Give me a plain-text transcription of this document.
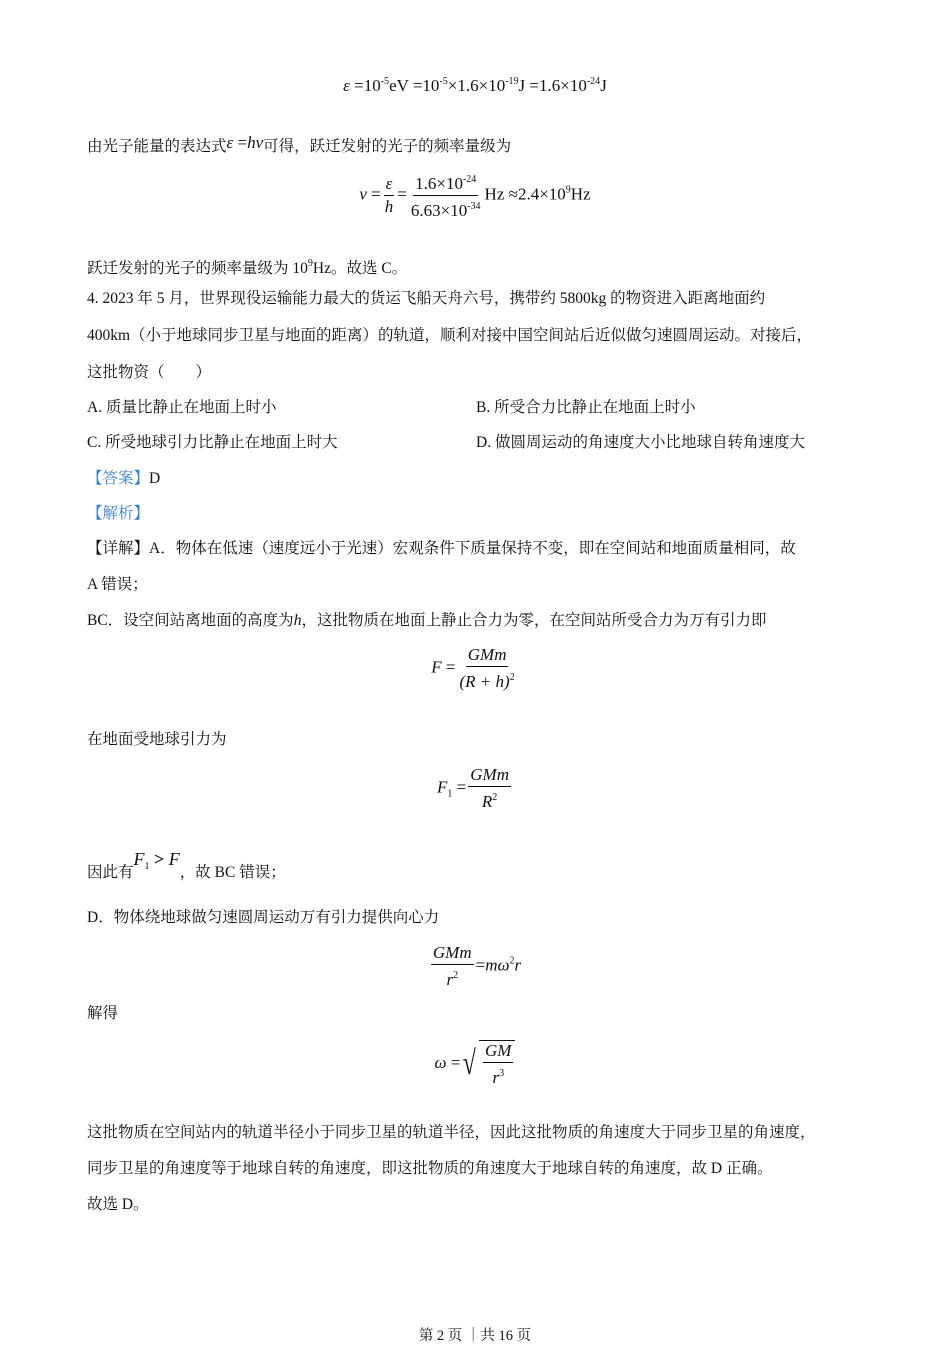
$\varepsilon =10^{-5}eV =10^{-5}\times 1.6\times 10^{-19}J =1.6\times 10^{-24}J$
由光子能量的表达式ε =hν可得，跃迁发射的光子的频率量级为
$\nu = \frac{\varepsilon}{h} = \frac{1.6\times 10^{-24}}{6.63\times 10^{-34}}$ $Hz \approx 2.4\times 10^9Hz$
跃迁发射的光子的频率量级为 $10^9Hz$。故选 C。
4. 2023 年 5 月，世界现役运输能力最大的货运飞船天舟六号，携带约 5800kg 的物资进入距离地面约
400km（小于地球同步卫星与地面的距离）的轨道，顺利对接中国空间站后近似做匀速圆周运动。对接后，
这批物资（　　）
A. 质量比静止在地面上时小	B. 所受合力比静止在地面上时小
C. 所受地球引力比静止在地面上时大	D. 做圆周运动的角速度大小比地球自转角速度大
【答案】D
【解析】
【详解】A．物体在低速（速度远小于光速）宏观条件下质量保持不变，即在空间站和地面质量相同，故
A 错误；
BC．设空间站离地面的高度为h，这批物质在地面上静止合力为零，在空间站所受合力为万有引力即
$F = \frac{\text{GMm}}{(R + h)^2}$
在地面受地球引力为
$F_1 = \frac{\text{GMm}}{R^2}$
因此有$F_1 > F$，故 BC 错误；
D．物体绕地球做匀速圆周运动万有引力提供向心力
$\frac{\text{GMm}}{r^2} =m\omega^2r$
解得
ω = √ $\frac{GM}{r^3}$
这批物质在空间站内的轨道半径小于同步卫星的轨道半径，因此这批物质的角速度大于同步卫星的角速度，
同步卫星的角速度等于地球自转的角速度，即这批物质的角速度大于地球自转的角速度，故 D 正确。
故选 D。
第 2 页 ｜共 16 页
